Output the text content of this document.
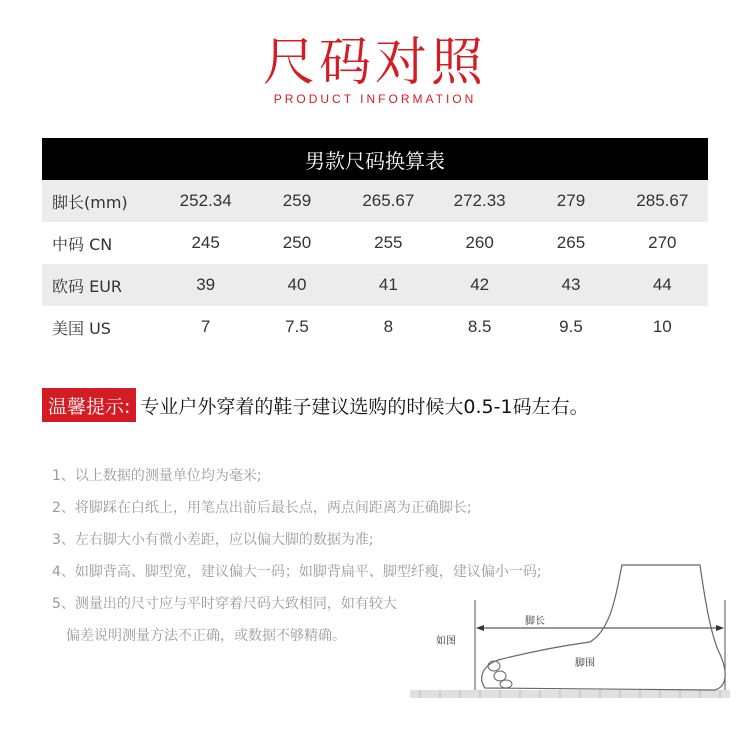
尺码对照
PRODUCT INFORMATION
男款尺码换算表
脚长(mm)	252.34	259	265.67	272.33	279	285.67
中码 CN	245	250	255	260	265	270
欧码 EUR	39	40	41	42	43	44
美国 US	7	7.5	8	8.5	9.5	10
温馨提示: 专业户外穿着的鞋子建议选购的时候大0.5-1码左右。
1、以上数据的测量单位均为毫米;
2、将脚踩在白纸上，用笔点出前后最长点，两点间距离为正确脚长;
3、左右脚大小有微小差距，应以偏大脚的数据为准;
4、如脚背高、脚型宽，建议偏大一码；如脚背扁平、脚型纤瘦，建议偏小一码;
5、测量出的尺寸应与平时穿着尺码大致相同，如有较大
偏差说明测量方法不正确，或数据不够精确。
脚长
如图
脚围
